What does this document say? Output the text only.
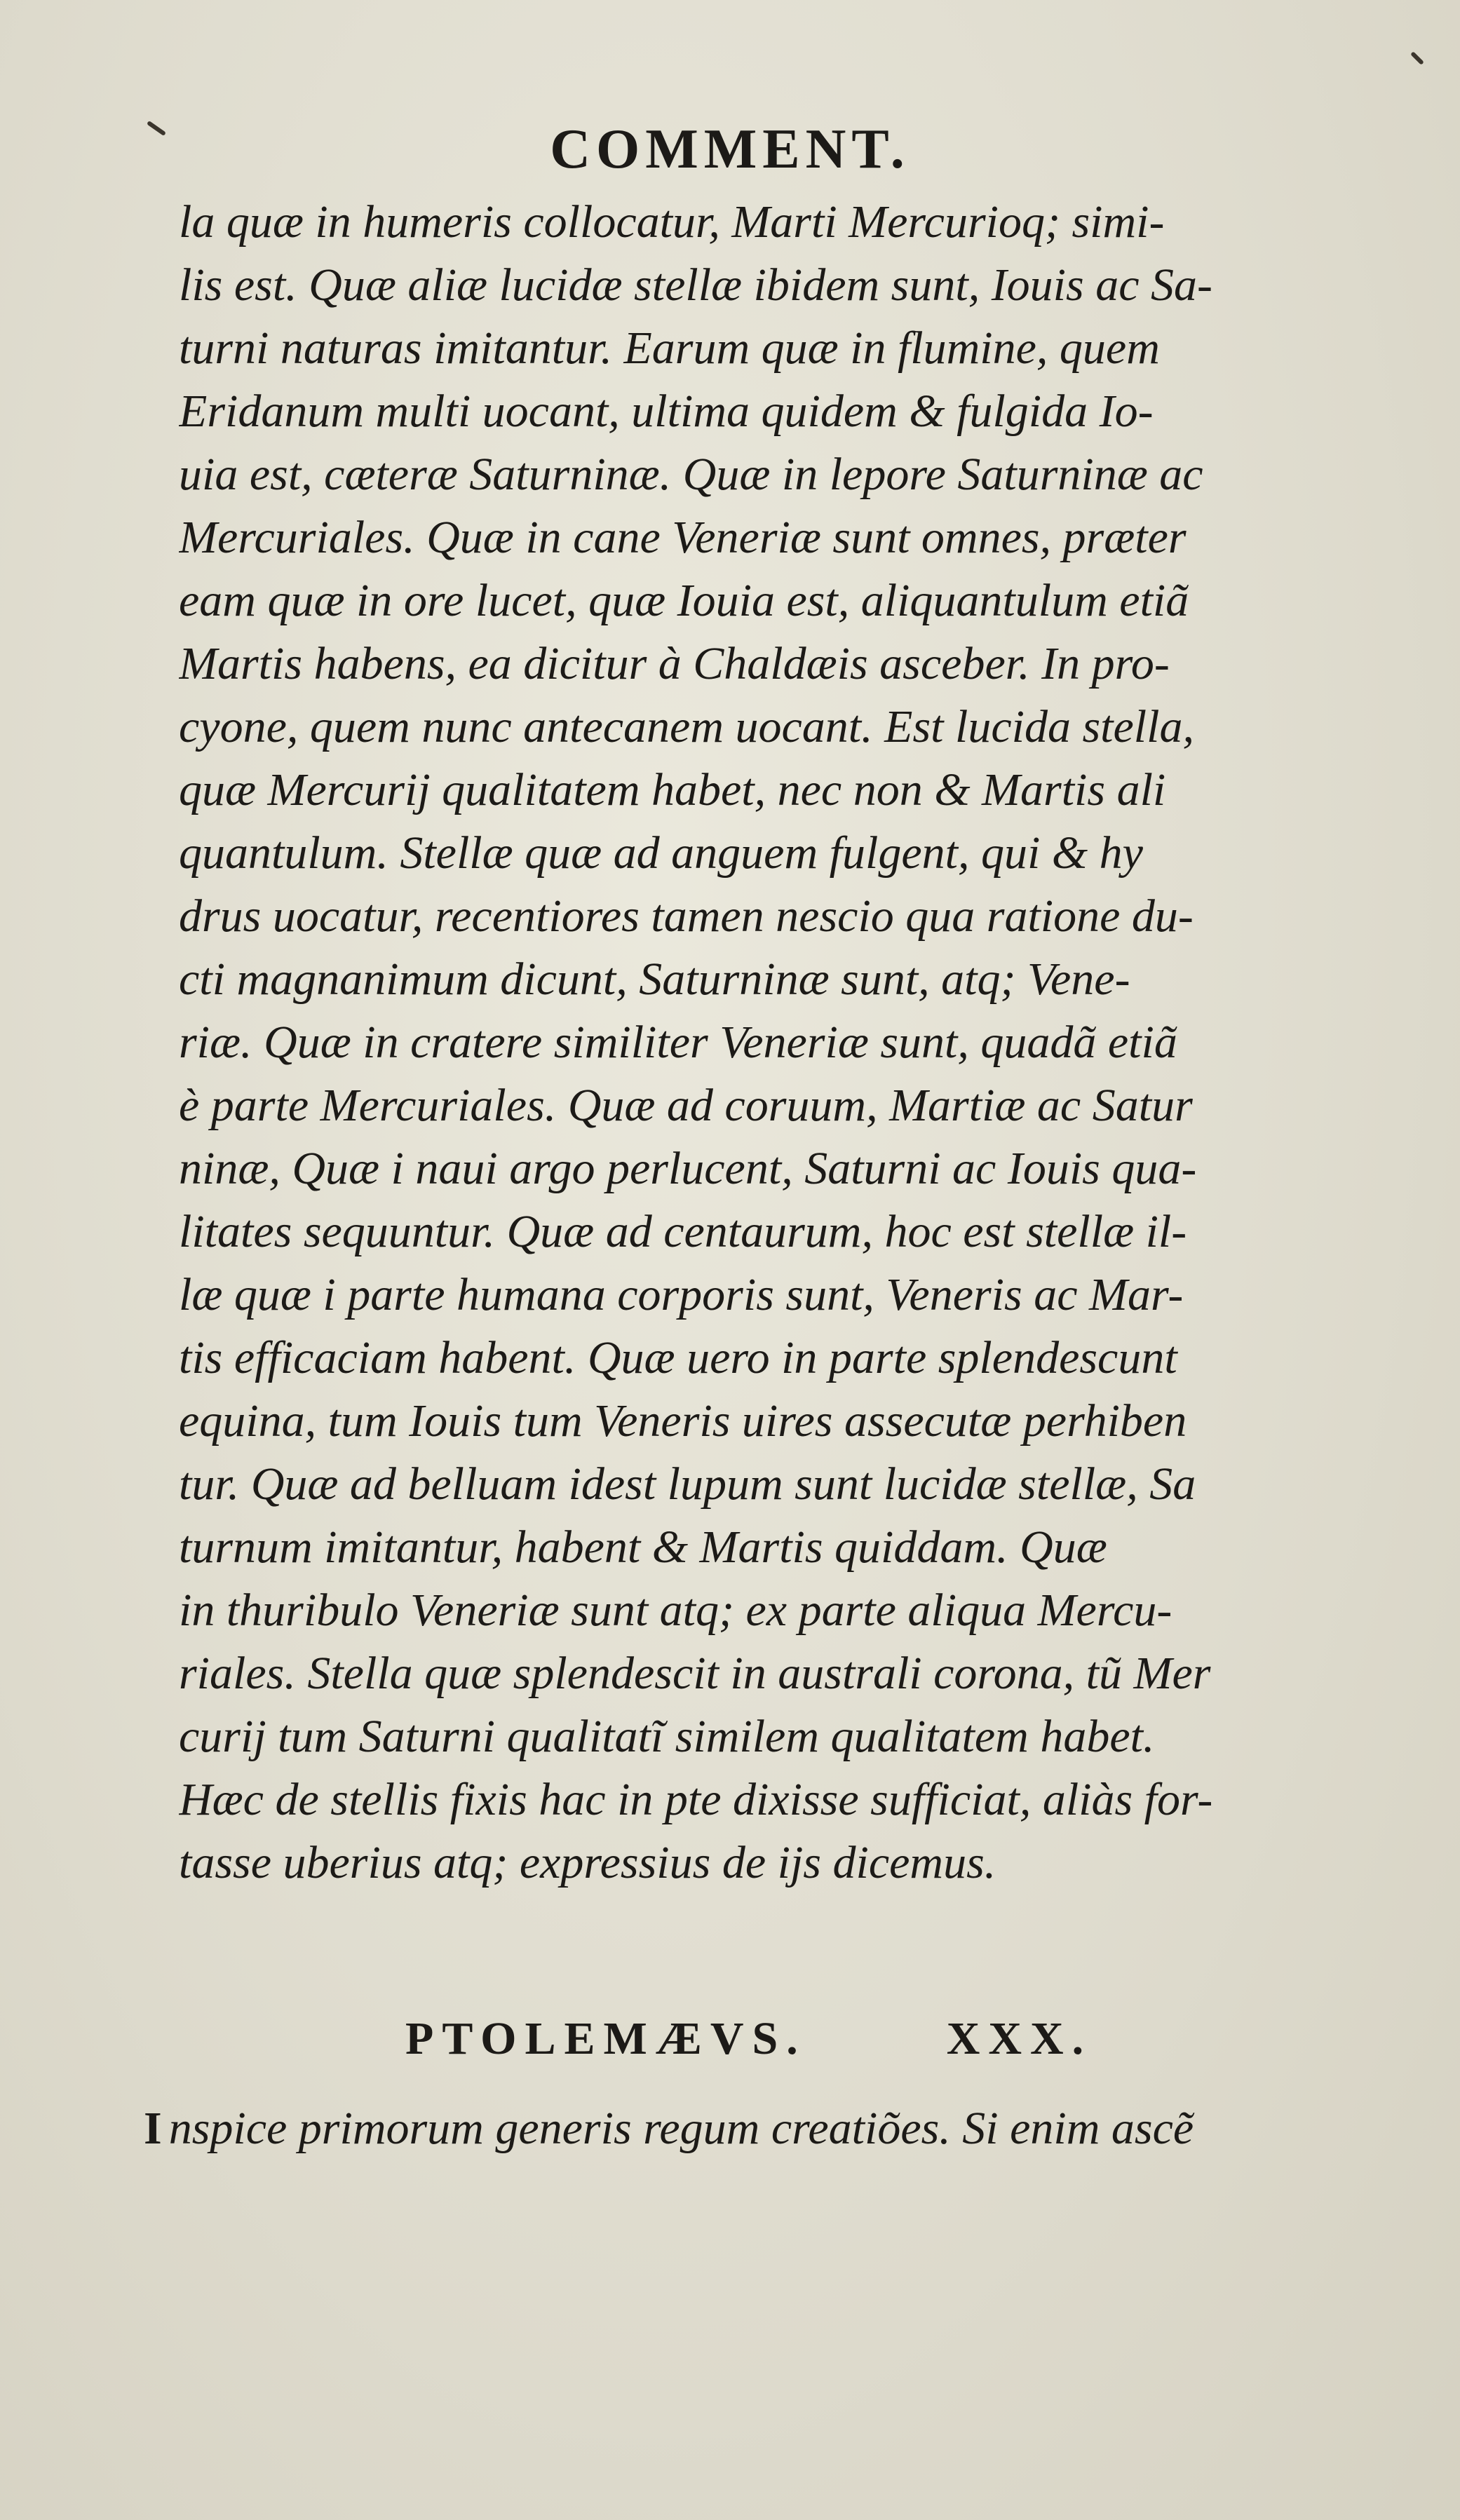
COMMENT.
la quæ in humeris collocatur, Marti Mercurioq; simi-
lis est. Quæ aliæ lucidæ stellæ ibidem sunt, Iouis ac Sa-
turni naturas imitantur. Earum quæ in flumine, quem
Eridanum multi uocant, ultima quidem & fulgida Io-
uia est, cæteræ Saturninæ. Quæ in lepore Saturninæ ac
Mercuriales. Quæ in cane Veneriæ sunt omnes, præter
eam quæ in ore lucet, quæ Iouia est, aliquantulum etiã
Martis habens, ea dicitur à Chaldæis asceber. In pro-
cyone, quem nunc antecanem uocant. Est lucida stella,
quæ Mercurij qualitatem habet, nec non & Martis ali
quantulum. Stellæ quæ ad anguem fulgent, qui & hy
drus uocatur, recentiores tamen nescio qua ratione du-
cti magnanimum dicunt, Saturninæ sunt, atq; Vene-
riæ. Quæ in cratere similiter Veneriæ sunt, quadã etiã
è parte Mercuriales. Quæ ad coruum, Martiæ ac Satur
ninæ, Quæ i naui argo perlucent, Saturni ac Iouis qua-
litates sequuntur. Quæ ad centaurum, hoc est stellæ il-
læ quæ i parte humana corporis sunt, Veneris ac Mar-
tis efficaciam habent. Quæ uero in parte splendescunt
equina, tum Iouis tum Veneris uires assecutæ perhiben
tur. Quæ ad belluam idest lupum sunt lucidæ stellæ, Sa
turnum imitantur, habent & Martis quiddam. Quæ
in thuribulo Veneriæ sunt atq; ex parte aliqua Mercu-
riales. Stella quæ splendescit in australi corona, tũ Mer
curij tum Saturni qualitatĩ similem qualitatem habet.
Hæc de stellis fixis hac in pte dixisse sufficiat, aliàs for-
tasse uberius atq; expressius de ijs dicemus.
PTOLEMÆVS.	XXX.
I nspice primorum generis regum creatiões. Si enim ascẽ
